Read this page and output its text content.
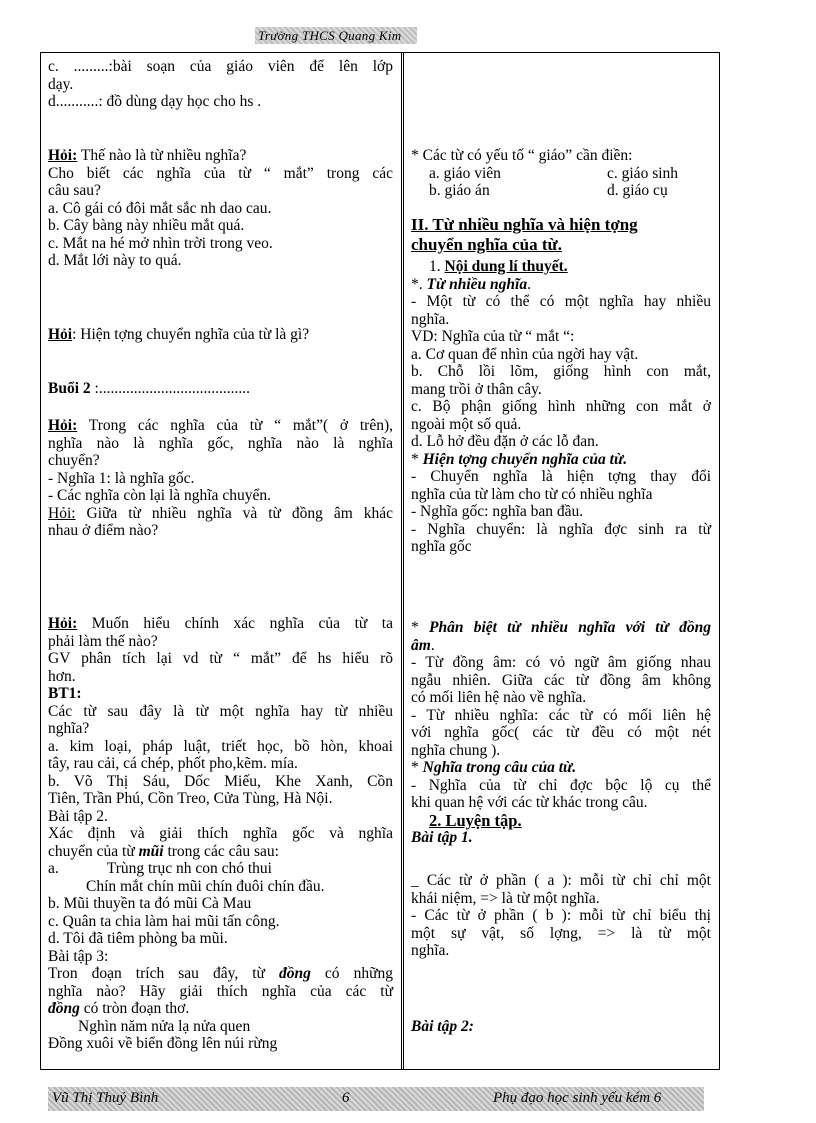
Trường THCS Quang Kim
c. .........:bài soạn của giáo viên để lên lớp
dạy.
d...........: đồ dùng dạy học cho hs .
Hỏi: Thế nào là từ nhiều nghĩa?
Cho biết các nghĩa của từ “ mắt” trong các
câu sau?
a. Cô gái có đôi mắt sắc nh dao cau.
b. Cây bàng này nhiều mắt quá.
c. Mắt na hé mở nhìn trời trong veo.
d. Mắt lới này to quá.
Hỏi: Hiện tợng chuyển nghĩa của từ là gì?
Buổi 2 :.......................................
Hỏi: Trong các nghĩa của từ “ mắt”( ở trên),
nghĩa nào là nghĩa gốc, nghĩa nào là nghĩa
chuyển?
- Nghĩa 1: là nghĩa gốc.
- Các nghĩa còn lại là nghĩa chuyển.
Hỏi: Giữa từ nhiều nghĩa và từ đồng âm khác
nhau ở điểm nào?
Hỏi: Muốn hiểu chính xác nghĩa của từ ta
phải làm thế nào?
GV phân tích lại vd từ “ mắt” để hs hiểu rõ
hơn.
BT1:
Các từ sau đây là từ một nghĩa hay từ nhiều
nghĩa?
a. kim loại, pháp luật, triết học, bồ hòn, khoai
tây, rau cải, cá chép, phốt pho,kẽm. mía.
b. Võ Thị Sáu, Dốc Miếu, Khe Xanh, Cồn
Tiên, Trần Phú, Cồn Treo, Cửa Tùng, Hà Nội.
Bài tập 2.
Xác định và giải thích nghĩa gốc và nghĩa
chuyển của từ mũi trong các câu sau:
a.	Trùng trục nh con chó thui
Chín mắt chín mũi chín đuôi chín đầu.
b. Mũi thuyền ta đó mũi Cà Mau
c. Quân ta chia làm hai mũi tấn công.
d. Tôi đã tiêm phòng ba mũi.
Bài tập 3:
Tron đoạn trích sau đây, từ đồng có những
nghĩa nào? Hãy giải thích nghĩa của các từ
đồng có tròn đoạn thơ.
Nghìn năm nửa lạ nửa quen
Đồng xuôi về biển đồng lên núi rừng
* Các từ có yếu tố “ giáo” cần điền:
a. giáo viên	c. giáo sinh
b. giáo án	d. giáo cụ
II. Từ nhiều nghĩa và hiện tợng
chuyển nghĩa của từ.
1. Nội dung lí thuyết.
*. Từ nhiều nghĩa.
- Một từ có thể có một nghĩa hay nhiều
nghĩa.
VD: Nghĩa của từ “ mắt “:
a. Cơ quan để nhìn của ngời hay vật.
b. Chỗ lồi lõm, giống hình con mắt,
mang trồi ở thân cây.
c. Bộ phận giống hình những con mắt ở
ngoài một số quả.
d. Lỗ hở đều đặn ở các lỗ đan.
* Hiện tợng chuyển nghĩa của từ.
- Chuyển nghĩa là hiện tợng thay đổi
nghĩa của từ làm cho từ có nhiều nghĩa
- Nghĩa gốc: nghĩa ban đầu.
- Nghĩa chuyển: là nghĩa đợc sinh ra từ
nghĩa gốc
* Phân biệt từ nhiều nghĩa với từ đồng
âm.
- Từ đồng âm: có vỏ ngữ âm giống nhau
ngẫu nhiên. Giữa các từ đồng âm không
có mối liên hệ nào về nghĩa.
- Từ nhiều nghĩa: các từ có mối liên hệ
với nghĩa gốc( các từ đều có một nét
nghĩa chung ).
* Nghĩa trong câu của từ.
- Nghĩa của từ chỉ đợc bộc lộ cụ thể
khi quan hệ với các từ khác trong câu.
2. Luyện tập.
Bài tập 1.
_ Các từ ở phần ( a ): mỗi từ chỉ chỉ một
khái niệm, => là từ một nghĩa.
- Các từ ở phần ( b ): mỗi từ chỉ biểu thị
một sự vật, số lợng, => là từ một
nghĩa.
Bài tập 2:
Vũ Thị Thuỷ Bình	6	Phụ đạo học sinh yếu kém 6
